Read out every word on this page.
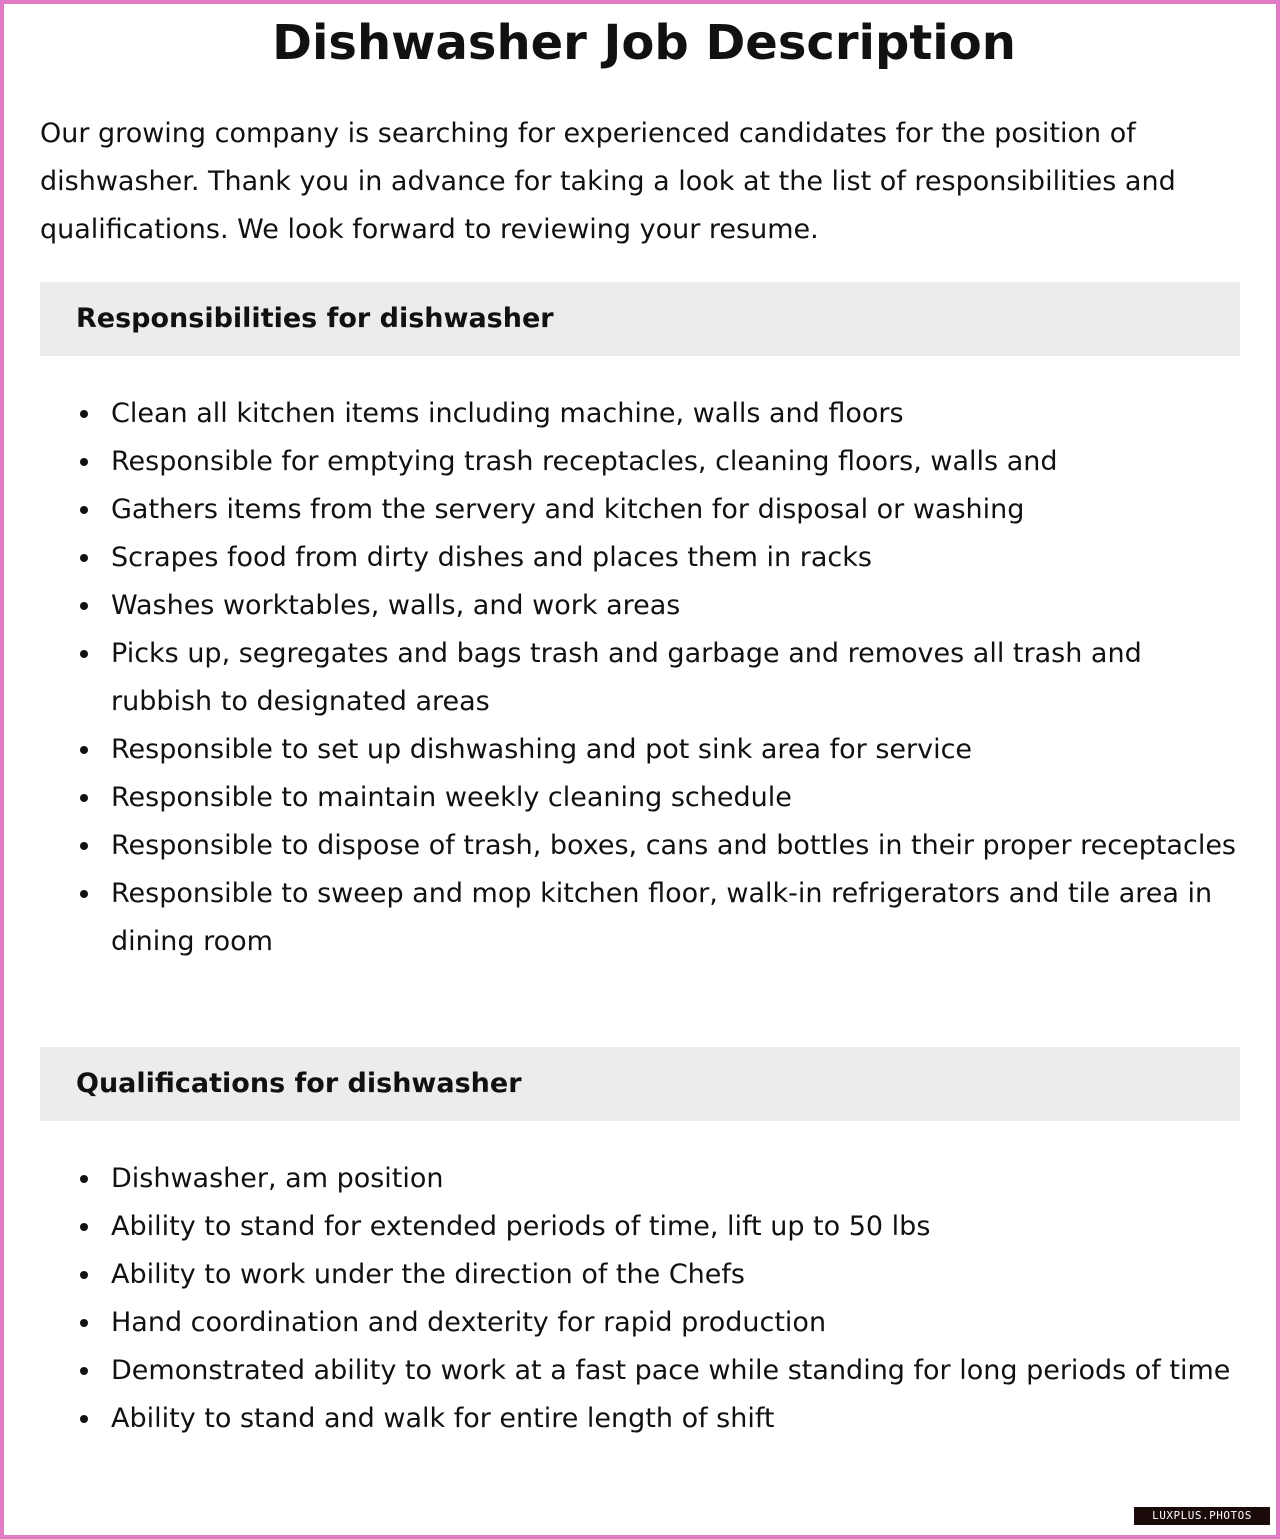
Dishwasher Job Description

Our growing company is searching for experienced candidates for the position of dishwasher. Thank you in advance for taking a look at the list of responsibilities and qualifications. We look forward to reviewing your resume.

Responsibilities for dishwasher
Clean all kitchen items including machine, walls and floors
Responsible for emptying trash receptacles, cleaning floors, walls and
Gathers items from the servery and kitchen for disposal or washing
Scrapes food from dirty dishes and places them in racks
Washes worktables, walls, and work areas
Picks up, segregates and bags trash and garbage and removes all trash and rubbish to designated areas
Responsible to set up dishwashing and pot sink area for service
Responsible to maintain weekly cleaning schedule
Responsible to dispose of trash, boxes, cans and bottles in their proper receptacles
Responsible to sweep and mop kitchen floor, walk-in refrigerators and tile area in dining room
Qualifications for dishwasher
Dishwasher, am position
Ability to stand for extended periods of time, lift up to 50 lbs
Ability to work under the direction of the Chefs
Hand coordination and dexterity for rapid production
Demonstrated ability to work at a fast pace while standing for long periods of time
Ability to stand and walk for entire length of shift
LUXPLUS.PHOTOS
